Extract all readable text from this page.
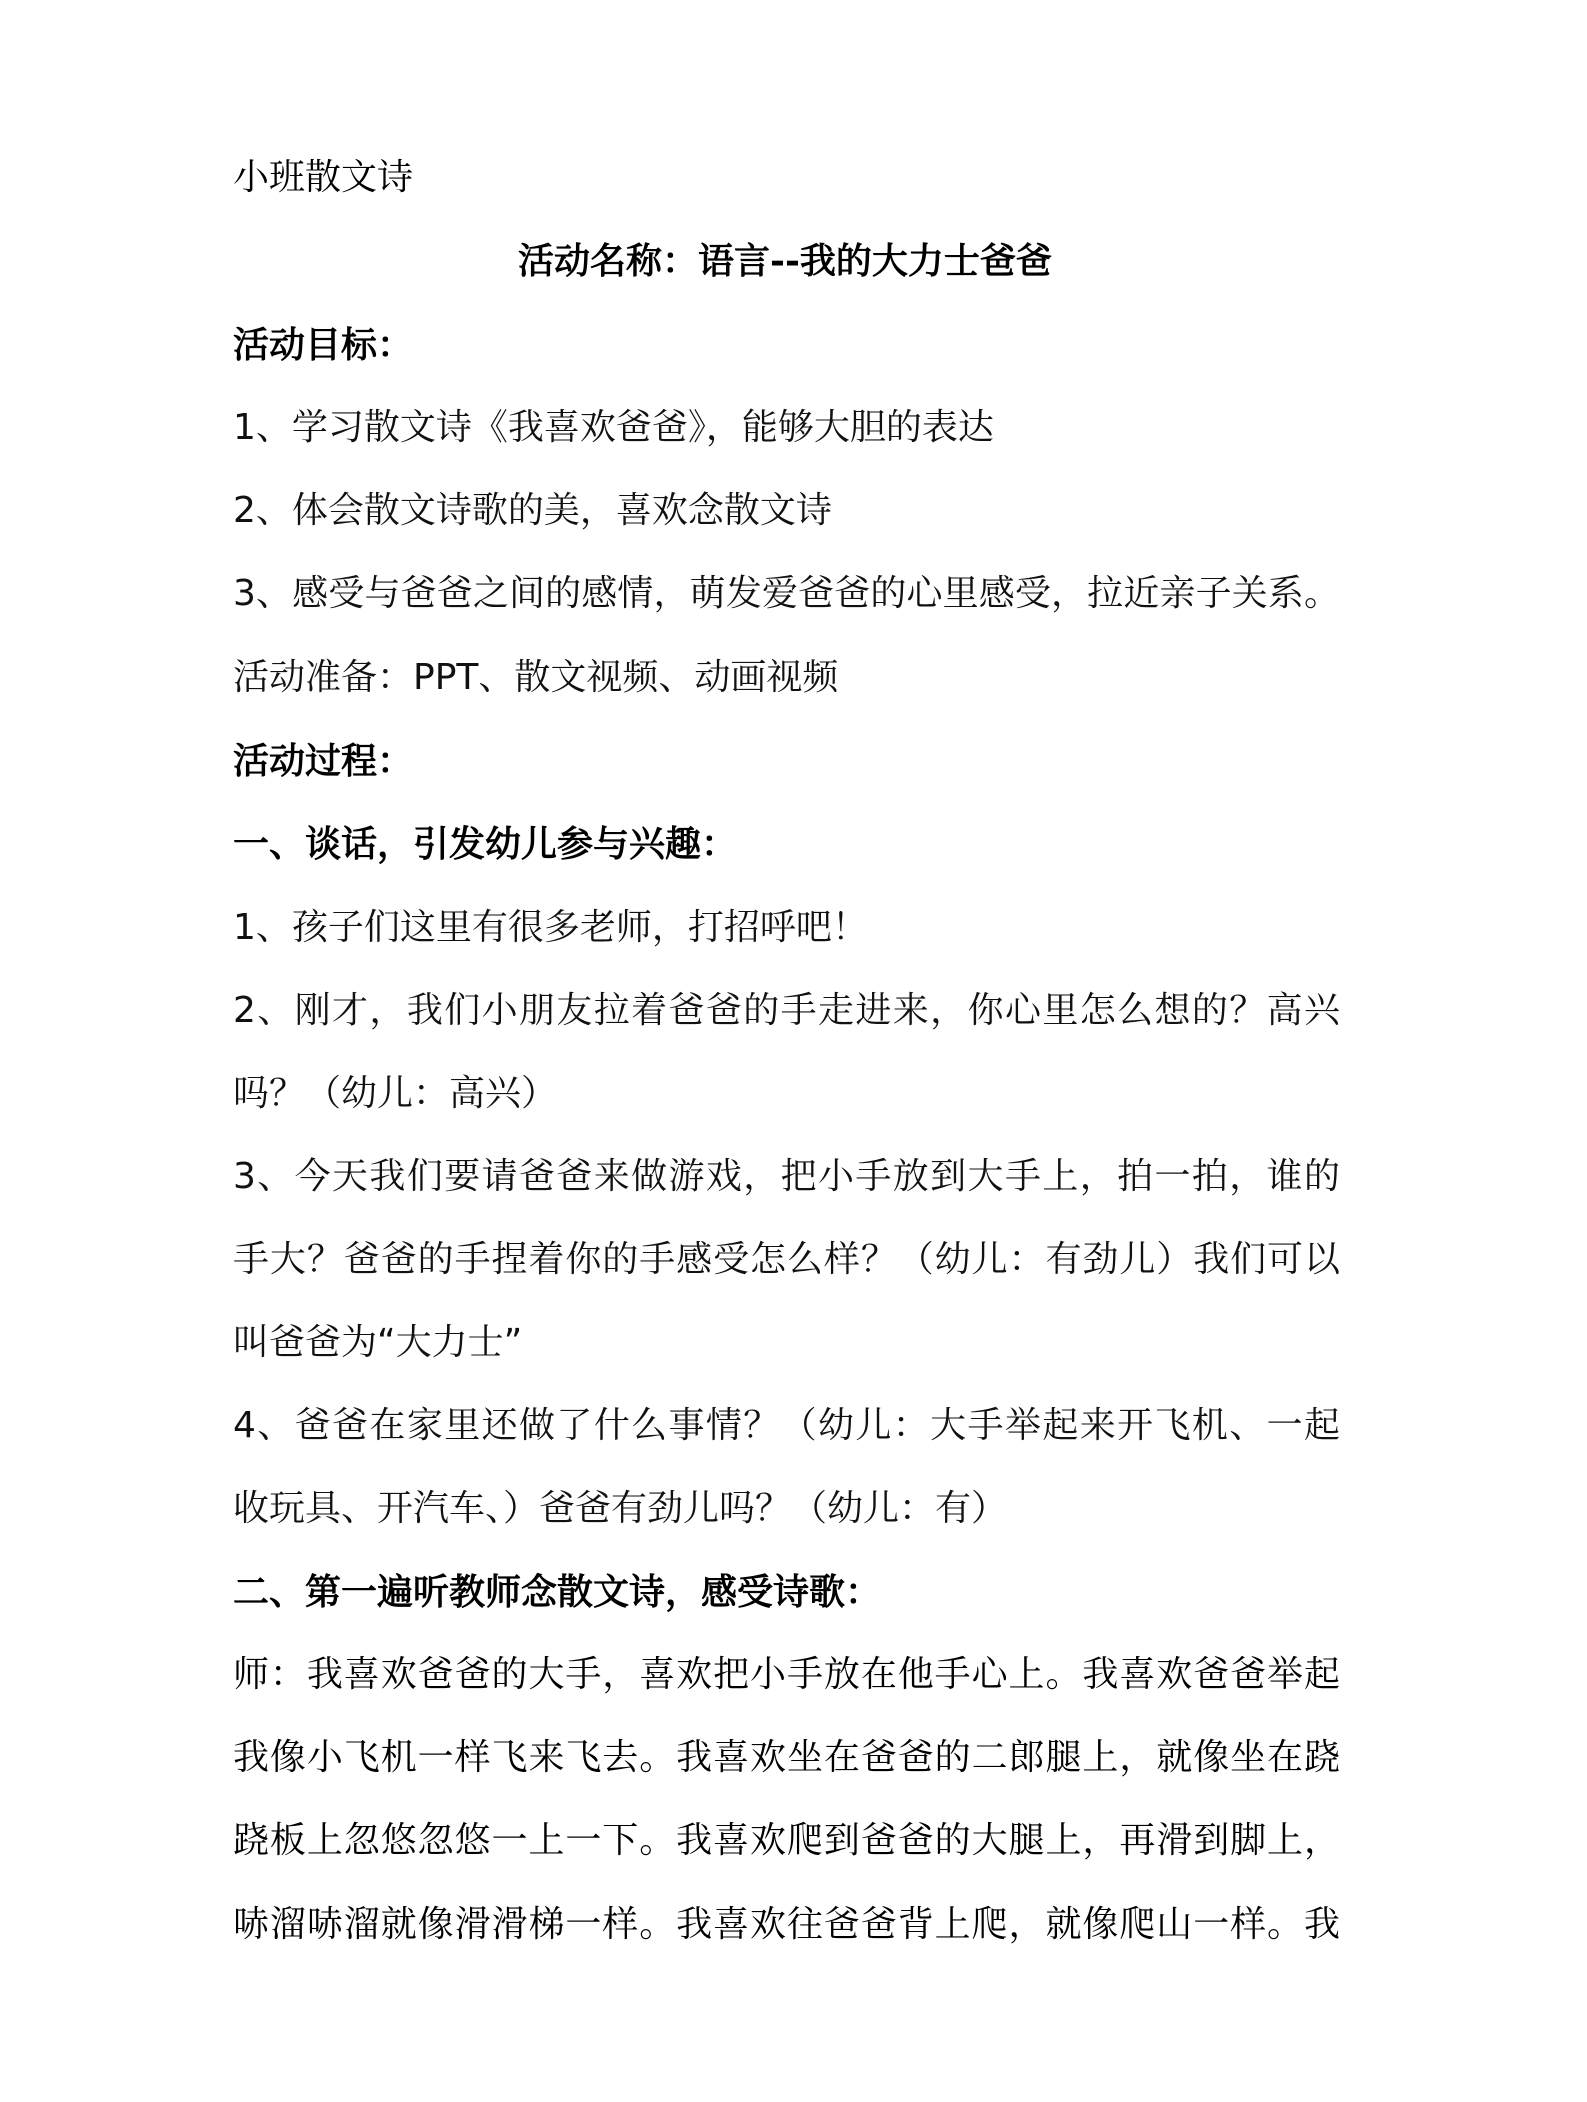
小班散文诗
活动名称：语言--我的大力士爸爸
活动目标：
1、学习散文诗《我喜欢爸爸》，能够大胆的表达
2、体会散文诗歌的美，喜欢念散文诗
3、感受与爸爸之间的感情，萌发爱爸爸的心里感受，拉近亲子关系。
活动准备：PPT、散文视频、动画视频
活动过程：
一、谈话，引发幼儿参与兴趣：
1、孩子们这里有很多老师，打招呼吧！
2、刚才，我们小朋友拉着爸爸的手走进来，你心里怎么想的？高兴
吗？（幼儿：高兴）
3、今天我们要请爸爸来做游戏，把小手放到大手上，拍一拍，谁的
手大？爸爸的手捏着你的手感受怎么样？（幼儿：有劲儿）我们可以
叫爸爸为“大力士”
4、爸爸在家里还做了什么事情？（幼儿：大手举起来开飞机、一起
收玩具、开汽车、）爸爸有劲儿吗？（幼儿：有）
二、第一遍听教师念散文诗，感受诗歌：
师：我喜欢爸爸的大手，喜欢把小手放在他手心上。我喜欢爸爸举起
我像小飞机一样飞来飞去。我喜欢坐在爸爸的二郎腿上，就像坐在跷
跷板上忽悠忽悠一上一下。我喜欢爬到爸爸的大腿上，再滑到脚上，
哧溜哧溜就像滑滑梯一样。我喜欢往爸爸背上爬，就像爬山一样。我
